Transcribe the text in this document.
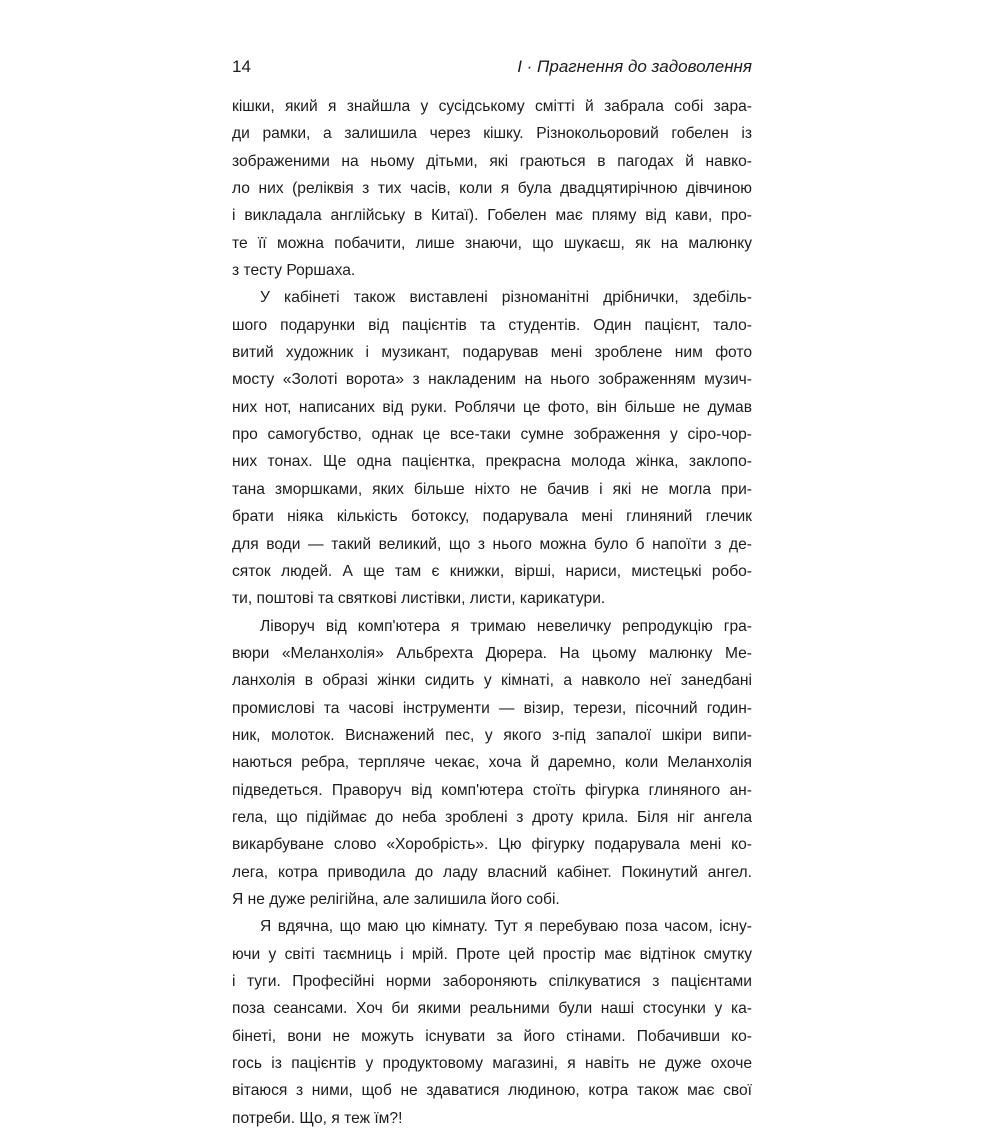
14	I · Прагнення до задоволення
кішки, який я знайшла у сусідському смітті й забрала собі зара-
ди рамки, а залишила через кішку. Різнокольоровий гобелен із
зображеними на ньому дітьми, які граються в пагодах й навко-
ло них (реліквія з тих часів, коли я була двадцятирічною дівчиною
і викладала англійську в Китаї). Гобелен має пляму від кави, про-
те її можна побачити, лише знаючи, що шукаєш, як на малюнку
з тесту Роршаха.
У кабінеті також виставлені різноманітні дрібнички, здебіль-
шого подарунки від пацієнтів та студентів. Один пацієнт, тало-
витий художник і музикант, подарував мені зроблене ним фото
мосту «Золоті ворота» з накладеним на нього зображенням музич-
них нот, написаних від руки. Роблячи це фото, він більше не думав
про самогубство, однак це все-таки сумне зображення у сіро-чор-
них тонах. Ще одна пацієнтка, прекрасна молода жінка, заклопо-
тана зморшками, яких більше ніхто не бачив і які не могла при-
брати ніяка кількість ботоксу, подарувала мені глиняний глечик
для води — такий великий, що з нього можна було б напоїти з де-
сяток людей. А ще там є книжки, вірші, нариси, мистецькі робо-
ти, поштові та святкові листівки, листи, карикатури.
Ліворуч від комп'ютера я тримаю невеличку репродукцію гра-
вюри «Меланхолія» Альбрехта Дюрера. На цьому малюнку Ме-
ланхолія в образі жінки сидить у кімнаті, а навколо неї занедбані
промислові та часові інструменти — візир, терези, пісочний годин-
ник, молоток. Виснажений пес, у якого з-під запалої шкіри випи-
наються ребра, терпляче чекає, хоча й даремно, коли Меланхолія
підведеться. Праворуч від комп'ютера стоїть фігурка глиняного ан-
гела, що підіймає до неба зроблені з дроту крила. Біля ніг ангела
викарбуване слово «Хоробрість». Цю фігурку подарувала мені ко-
лега, котра приводила до ладу власний кабінет. Покинутий ангел.
Я не дуже релігійна, але залишила його собі.
Я вдячна, що маю цю кімнату. Тут я перебуваю поза часом, існу-
ючи у світі таємниць і мрій. Проте цей простір має відтінок смутку
і туги. Професійні норми забороняють спілкуватися з пацієнтами
поза сеансами. Хоч би якими реальними були наші стосунки у ка-
бінеті, вони не можуть існувати за його стінами. Побачивши ко-
гось із пацієнтів у продуктовому магазині, я навіть не дуже охоче
вітаюся з ними, щоб не здаватися людиною, котра також має свої
потреби. Що, я теж їм?!
